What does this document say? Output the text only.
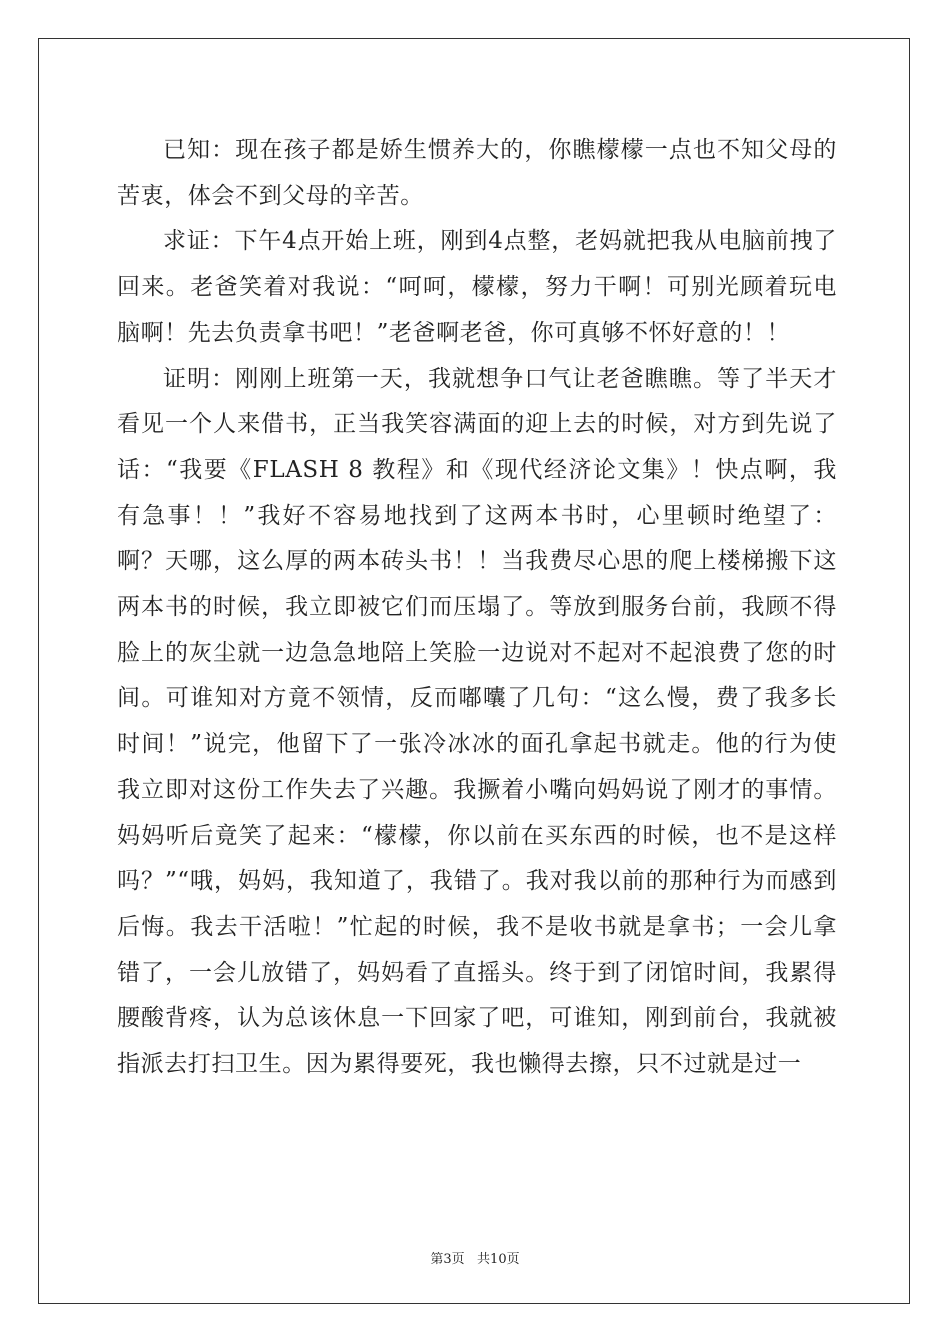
已知：现在孩子都是娇生惯养大的，你瞧檬檬一点也不知父母的苦衷，体会不到父母的辛苦。

求证：下午4点开始上班，刚到4点整，老妈就把我从电脑前拽了回来。老爸笑着对我说：“呵呵，檬檬，努力干啊！可别光顾着玩电脑啊！先去负责拿书吧！”老爸啊老爸，你可真够不怀好意的！！

证明：刚刚上班第一天，我就想争口气让老爸瞧瞧。等了半天才看见一个人来借书，正当我笑容满面的迎上去的时候，对方到先说了话：“我要《FLASH 8 教程》和《现代经济论文集》！快点啊，我有急事！！”我好不容易地找到了这两本书时，心里顿时绝望了：啊？天哪，这么厚的两本砖头书！！当我费尽心思的爬上楼梯搬下这两本书的时候，我立即被它们而压塌了。等放到服务台前，我顾不得脸上的灰尘就一边急急地陪上笑脸一边说对不起对不起浪费了您的时间。可谁知对方竟不领情，反而嘟囔了几句：“这么慢，费了我多长时间！”说完，他留下了一张冷冰冰的面孔拿起书就走。他的行为使我立即对这份工作失去了兴趣。我撅着小嘴向妈妈说了刚才的事情。妈妈听后竟笑了起来：“檬檬，你以前在买东西的时候，也不是这样吗？”“哦，妈妈，我知道了，我错了。我对我以前的那种行为而感到后悔。我去干活啦！”忙起的时候，我不是收书就是拿书；一会儿拿错了，一会儿放错了，妈妈看了直摇头。终于到了闭馆时间，我累得腰酸背疼，认为总该休息一下回家了吧，可谁知，刚到前台，我就被指派去打扫卫生。因为累得要死，我也懒得去擦，只不过就是过一

第3页   共10页
